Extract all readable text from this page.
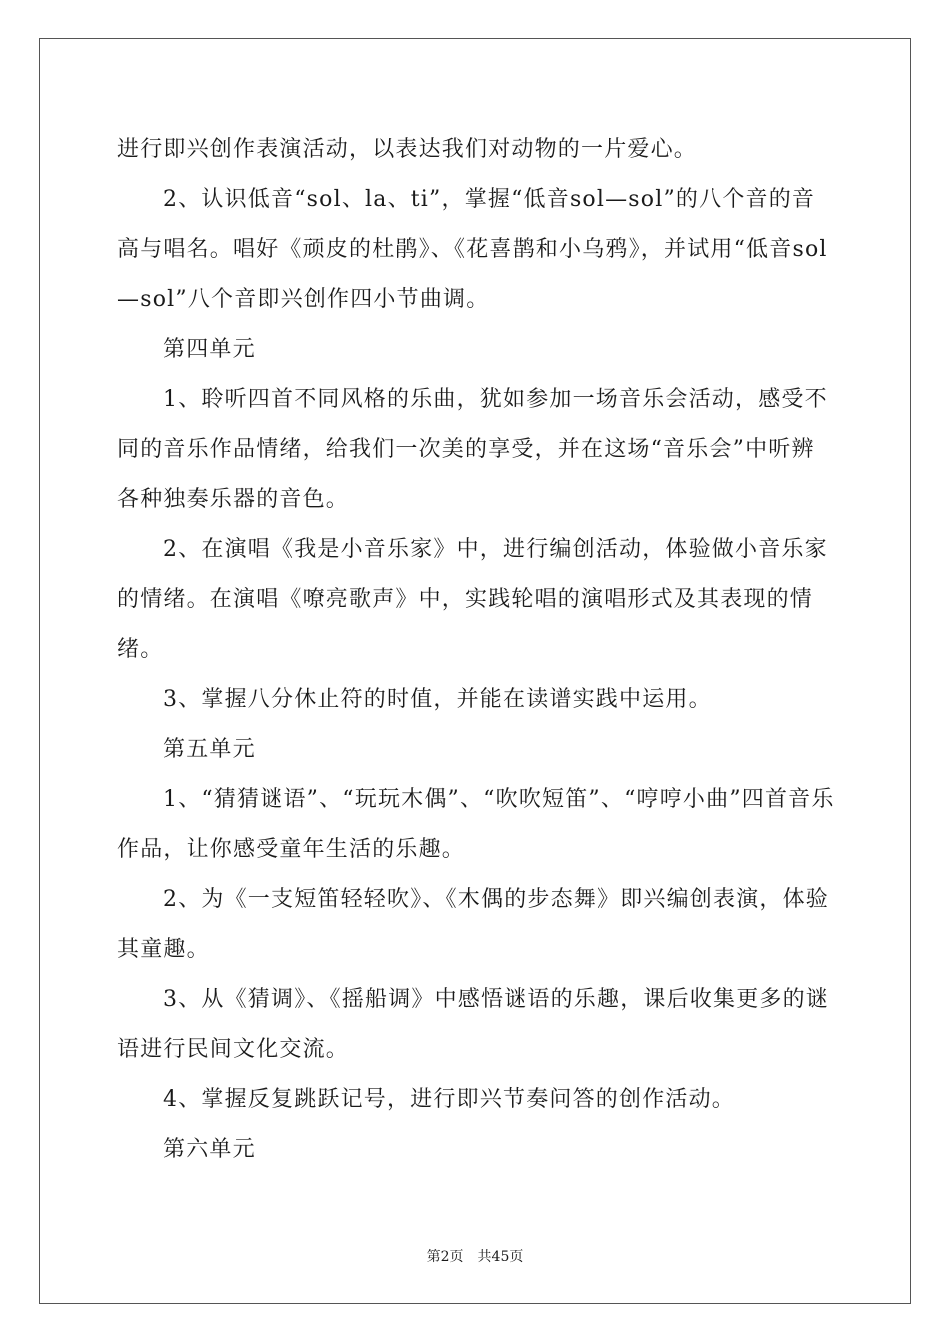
进行即兴创作表演活动，以表达我们对动物的一片爱心。

2、认识低音“sol、la、ti”，掌握“低音sol—sol”的八个音的音高与唱名。唱好《顽皮的杜鹃》、《花喜鹊和小乌鸦》，并试用“低音sol—sol”八个音即兴创作四小节曲调。

第四单元

1、聆听四首不同风格的乐曲，犹如参加一场音乐会活动，感受不同的音乐作品情绪，给我们一次美的享受，并在这场“音乐会”中听辨各种独奏乐器的音色。

2、在演唱《我是小音乐家》中，进行编创活动，体验做小音乐家的情绪。在演唱《嘹亮歌声》中，实践轮唱的演唱形式及其表现的情绪。

3、掌握八分休止符的时值，并能在读谱实践中运用。

第五单元

1、“猜猜谜语”、“玩玩木偶”、“吹吹短笛”、“哼哼小曲”四首音乐作品，让你感受童年生活的乐趣。

2、为《一支短笛轻轻吹》、《木偶的步态舞》即兴编创表演，体验其童趣。

3、从《猜调》、《摇船调》中感悟谜语的乐趣，课后收集更多的谜语进行民间文化交流。

4、掌握反复跳跃记号，进行即兴节奏问答的创作活动。

第六单元

第2页 共45页
